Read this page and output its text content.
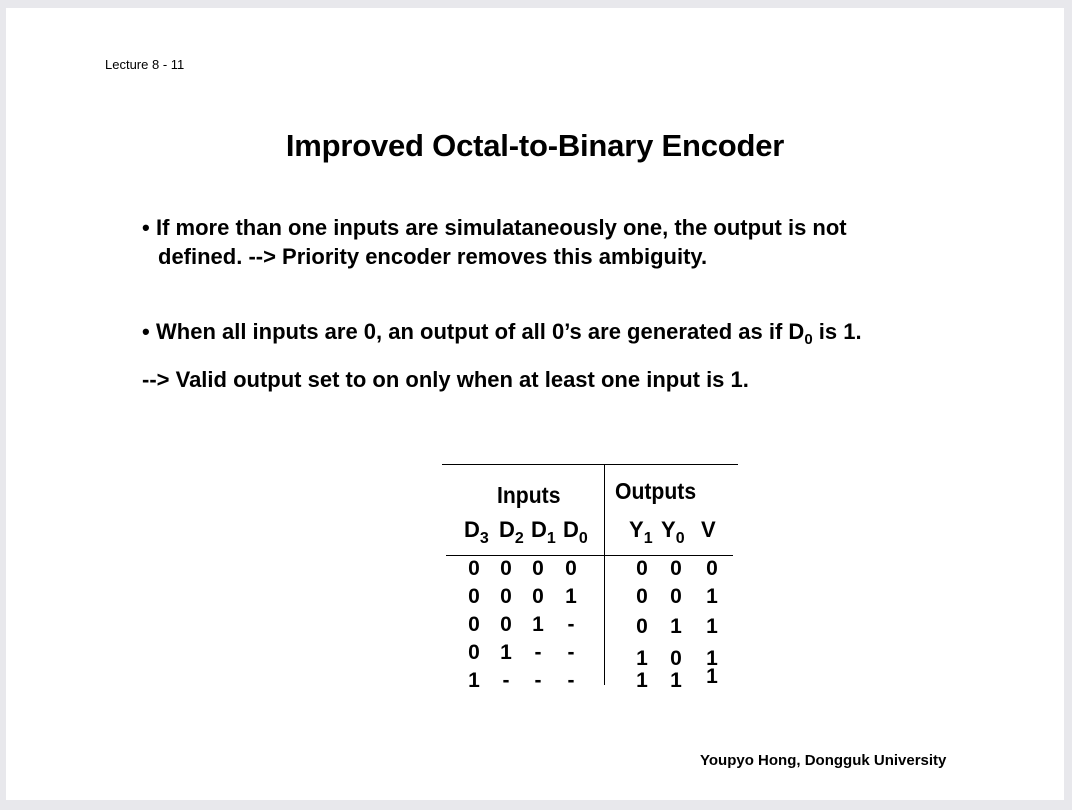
Lecture 8 - 11
Improved Octal-to-Binary Encoder
• If more than one inputs are simulataneously one, the output is not
defined. --> Priority encoder removes this ambiguity.
• When all inputs are 0, an output of all 0’s are generated as if $D_0$ is 1.
--> Valid output set to on only when at least one input is 1.
Inputs Outputs
$D_3$ $D_2$ $D_1$ $D_0$ $Y_1$ $Y_0$ V
0 0 0 0	0 0 0
0 0 0 1	0 0 1
0 0 1 -	0 1 1
0 1 - -	1 0 1
1 - - -	1 1 1
Youpyo Hong, Dongguk University
